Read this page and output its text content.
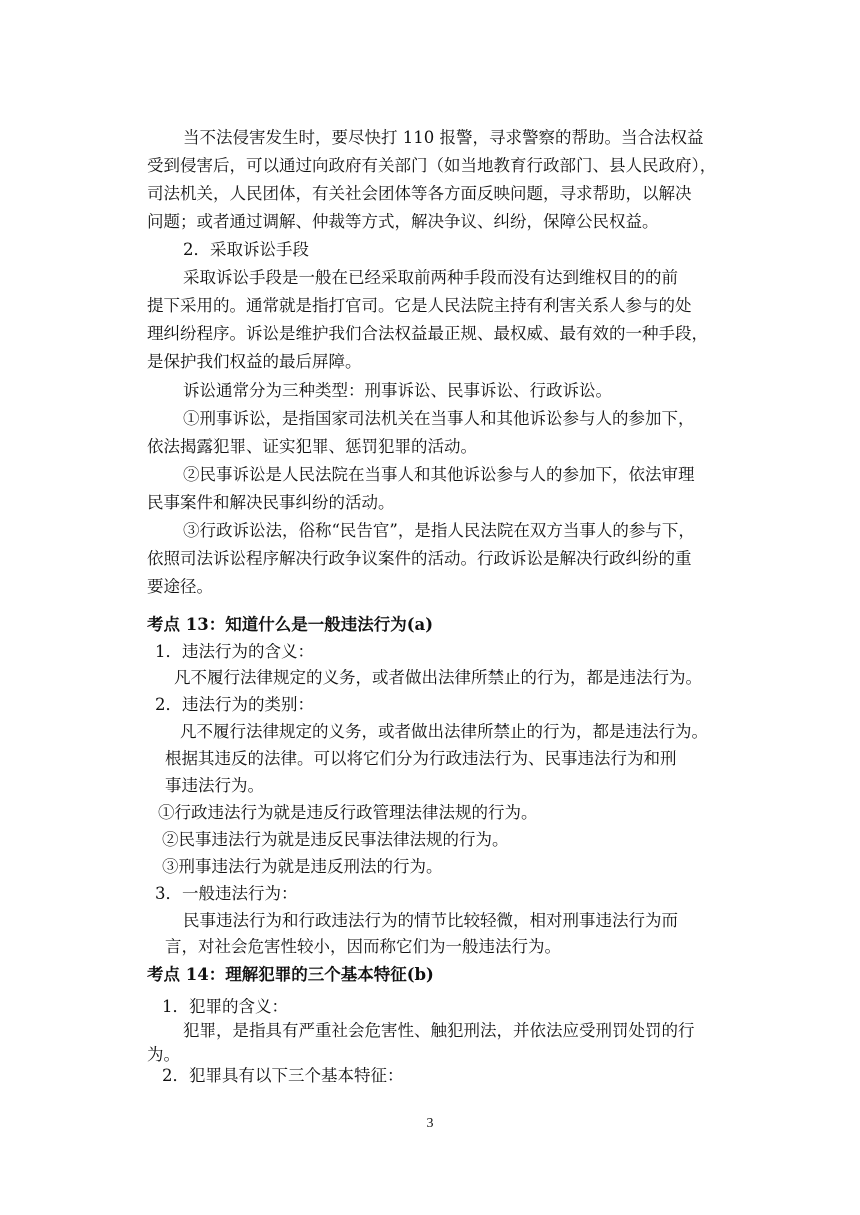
当不法侵害发生时，要尽快打 110 报警，寻求警察的帮助。当合法权益
受到侵害后，可以通过向政府有关部门（如当地教育行政部门、县人民政府），
司法机关，人民团体，有关社会团体等各方面反映问题，寻求帮助，以解决
问题；或者通过调解、仲裁等方式，解决争议、纠纷，保障公民权益。
2．采取诉讼手段
采取诉讼手段是一般在已经采取前两种手段而没有达到维权目的的前
提下采用的。通常就是指打官司。它是人民法院主持有利害关系人参与的处
理纠纷程序。诉讼是维护我们合法权益最正规、最权威、最有效的一种手段，
是保护我们权益的最后屏障。
诉讼通常分为三种类型：刑事诉讼、民事诉讼、行政诉讼。
①刑事诉讼，是指国家司法机关在当事人和其他诉讼参与人的参加下，
依法揭露犯罪、证实犯罪、惩罚犯罪的活动。
②民事诉讼是人民法院在当事人和其他诉讼参与人的参加下，依法审理
民事案件和解决民事纠纷的活动。
③行政诉讼法，俗称“民告官”，是指人民法院在双方当事人的参与下，
依照司法诉讼程序解决行政争议案件的活动。行政诉讼是解决行政纠纷的重
要途径。
考点 13：知道什么是一般违法行为(a)
1．违法行为的含义：
凡不履行法律规定的义务，或者做出法律所禁止的行为，都是违法行为。
2．违法行为的类别：
凡不履行法律规定的义务，或者做出法律所禁止的行为，都是违法行为。
根据其违反的法律。可以将它们分为行政违法行为、民事违法行为和刑
事违法行为。
①行政违法行为就是违反行政管理法律法规的行为。
②民事违法行为就是违反民事法律法规的行为。
③刑事违法行为就是违反刑法的行为。
3．一般违法行为：
民事违法行为和行政违法行为的情节比较轻微，相对刑事违法行为而
言，对社会危害性较小，因而称它们为一般违法行为。
考点 14：理解犯罪的三个基本特征(b)
1．犯罪的含义：
犯罪，是指具有严重社会危害性、触犯刑法，并依法应受刑罚处罚的行
为。
2．犯罪具有以下三个基本特征：
3
